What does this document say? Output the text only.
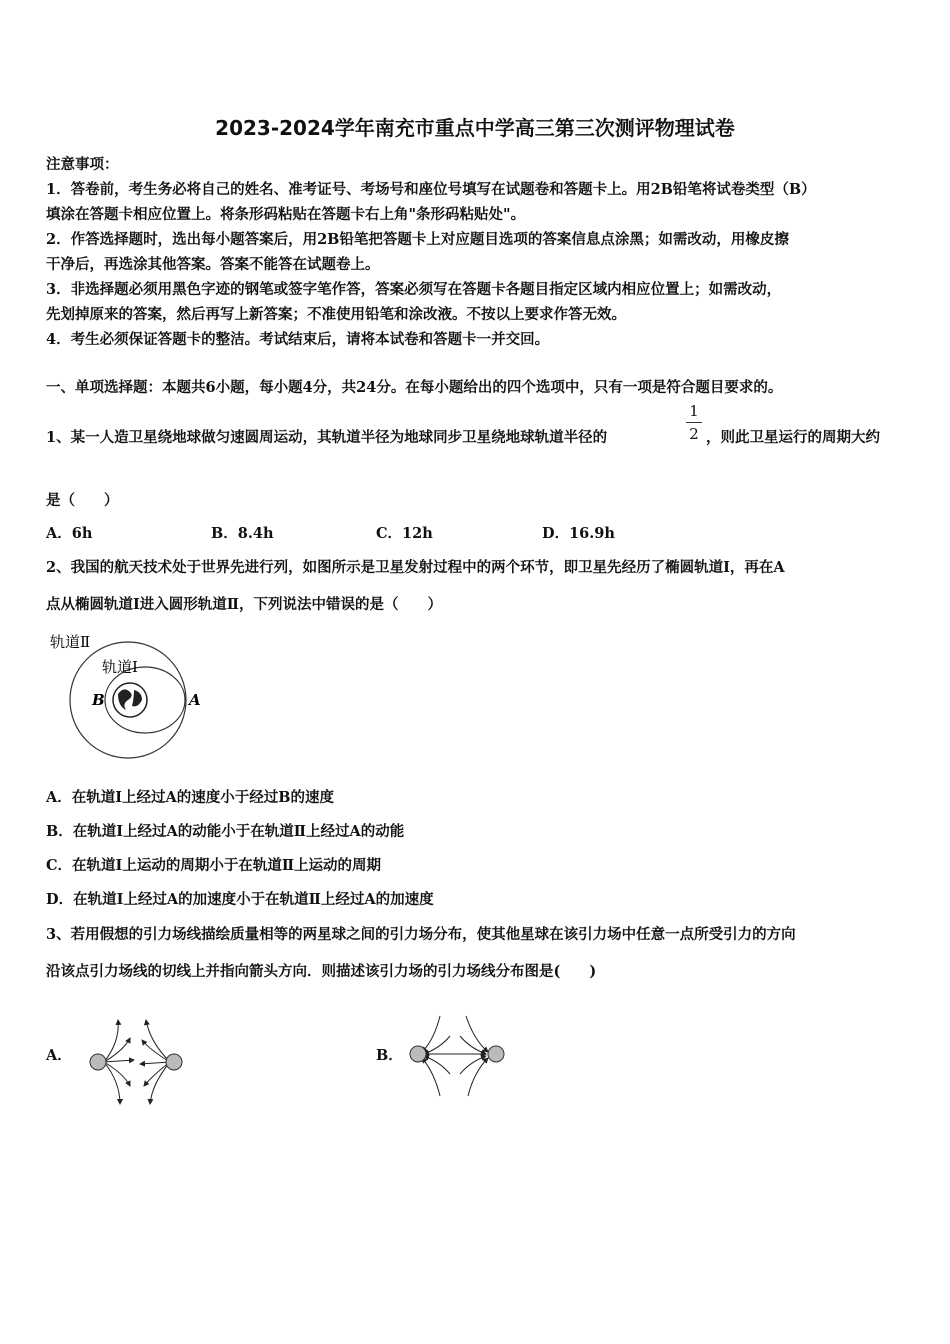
2023-2024学年南充市重点中学高三第三次测评物理试卷
注意事项：
1．答卷前，考生务必将自己的姓名、准考证号、考场号和座位号填写在试题卷和答题卡上。用2B铅笔将试卷类型（B）
填涂在答题卡相应位置上。将条形码粘贴在答题卡右上角"条形码粘贴处"。
2．作答选择题时，选出每小题答案后，用2B铅笔把答题卡上对应题目选项的答案信息点涂黑；如需改动，用橡皮擦
干净后，再选涂其他答案。答案不能答在试题卷上。
3．非选择题必须用黑色字迹的钢笔或签字笔作答，答案必须写在答题卡各题目指定区域内相应位置上；如需改动，
先划掉原来的答案，然后再写上新答案；不准使用铅笔和涂改液。不按以上要求作答无效。
4．考生必须保证答题卡的整洁。考试结束后，请将本试卷和答题卡一并交回。
一、单项选择题：本题共6小题，每小题4分，共24分。在每小题给出的四个选项中，只有一项是符合题目要求的。
1、某一人造卫星绕地球做匀速圆周运动，其轨道半径为地球同步卫星绕地球轨道半径的
1
2 ，则此卫星运行的周期大约
是（　　）
A．6h	B．8.4h	C．12h	D．16.9h
2、我国的航天技术处于世界先进行列，如图所示是卫星发射过程中的两个环节，即卫星先经历了椭圆轨道I，再在A
点从椭圆轨道I进入圆形轨道Ⅱ，下列说法中错误的是（　　）
轨道Ⅱ
轨道Ⅰ
B	A
A．在轨道I上经过A的速度小于经过B的速度
B．在轨道I上经过A的动能小于在轨道Ⅱ上经过A的动能
C．在轨道I上运动的周期小于在轨道Ⅱ上运动的周期
D．在轨道I上经过A的加速度小于在轨道Ⅱ上经过A的加速度
3、若用假想的引力场线描绘质量相等的两星球之间的引力场分布，使其他星球在该引力场中任意一点所受引力的方向
沿该点引力场线的切线上并指向箭头方向．则描述该引力场的引力场线分布图是(　　)
A．	B．
